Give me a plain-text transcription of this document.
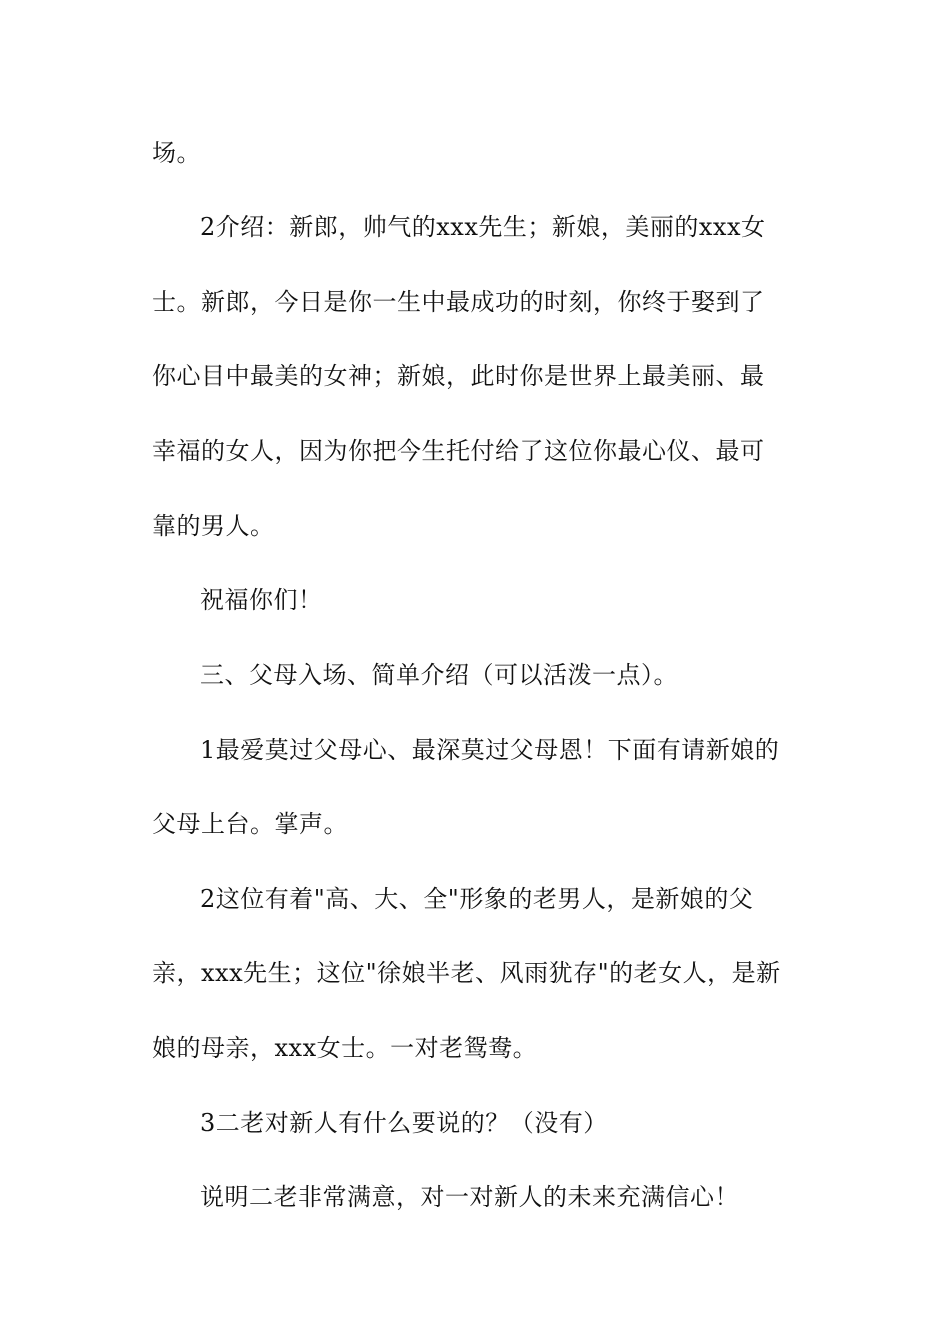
场。
2介绍：新郎，帅气的xxx先生；新娘，美丽的xxx女
士。新郎，今日是你一生中最成功的时刻，你终于娶到了
你心目中最美的女神；新娘，此时你是世界上最美丽、最
幸福的女人，因为你把今生托付给了这位你最心仪、最可
靠的男人。
祝福你们！
三、父母入场、简单介绍（可以活泼一点）。
1最爱莫过父母心、最深莫过父母恩！下面有请新娘的
父母上台。掌声。
2这位有着"高、大、全"形象的老男人，是新娘的父
亲，xxx先生；这位"徐娘半老、风雨犹存"的老女人，是新
娘的母亲，xxx女士。一对老鸳鸯。
3二老对新人有什么要说的？（没有）
说明二老非常满意，对一对新人的未来充满信心！
